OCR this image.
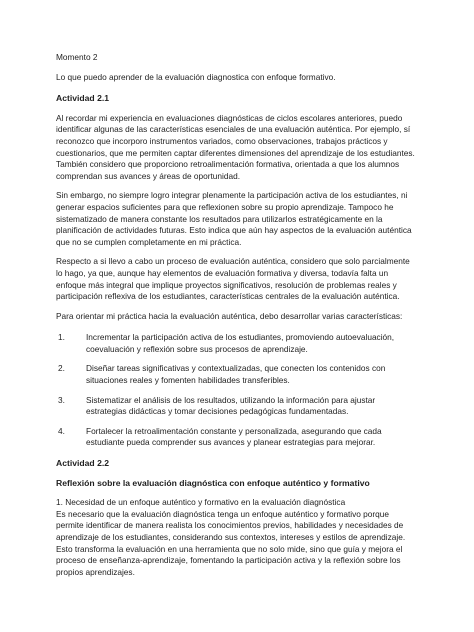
Momento 2

Lo que puedo aprender de la evaluación diagnostica con enfoque formativo.

Actividad 2.1

Al recordar mi experiencia en evaluaciones diagnósticas de ciclos escolares anteriores, puedo identificar algunas de las características esenciales de una evaluación auténtica. Por ejemplo, sí reconozco que incorporo instrumentos variados, como observaciones, trabajos prácticos y cuestionarios, que me permiten captar diferentes dimensiones del aprendizaje de los estudiantes. También considero que proporciono retroalimentación formativa, orientada a que los alumnos comprendan sus avances y áreas de oportunidad.

Sin embargo, no siempre logro integrar plenamente la participación activa de los estudiantes, ni generar espacios suficientes para que reflexionen sobre su propio aprendizaje. Tampoco he sistematizado de manera constante los resultados para utilizarlos estratégicamente en la planificación de actividades futuras. Esto indica que aún hay aspectos de la evaluación auténtica que no se cumplen completamente en mi práctica.

Respecto a si llevo a cabo un proceso de evaluación auténtica, considero que solo parcialmente lo hago, ya que, aunque hay elementos de evaluación formativa y diversa, todavía falta un enfoque más integral que implique proyectos significativos, resolución de problemas reales y participación reflexiva de los estudiantes, características centrales de la evaluación auténtica.

Para orientar mi práctica hacia la evaluación auténtica, debo desarrollar varias características:

1.	Incrementar la participación activa de los estudiantes, promoviendo autoevaluación, coevaluación y reflexión sobre sus procesos de aprendizaje.
2.	Diseñar tareas significativas y contextualizadas, que conecten los contenidos con situaciones reales y fomenten habilidades transferibles.
3.	Sistematizar el análisis de los resultados, utilizando la información para ajustar estrategias didácticas y tomar decisiones pedagógicas fundamentadas.
4.	Fortalecer la retroalimentación constante y personalizada, asegurando que cada estudiante pueda comprender sus avances y planear estrategias para mejorar.

Actividad 2.2

Reflexión sobre la evaluación diagnóstica con enfoque auténtico y formativo

1. Necesidad de un enfoque auténtico y formativo en la evaluación diagnóstica

Es necesario que la evaluación diagnóstica tenga un enfoque auténtico y formativo porque permite identificar de manera realista los conocimientos previos, habilidades y necesidades de aprendizaje de los estudiantes, considerando sus contextos, intereses y estilos de aprendizaje. Esto transforma la evaluación en una herramienta que no solo mide, sino que guía y mejora el proceso de enseñanza-aprendizaje, fomentando la participación activa y la reflexión sobre los propios aprendizajes.
